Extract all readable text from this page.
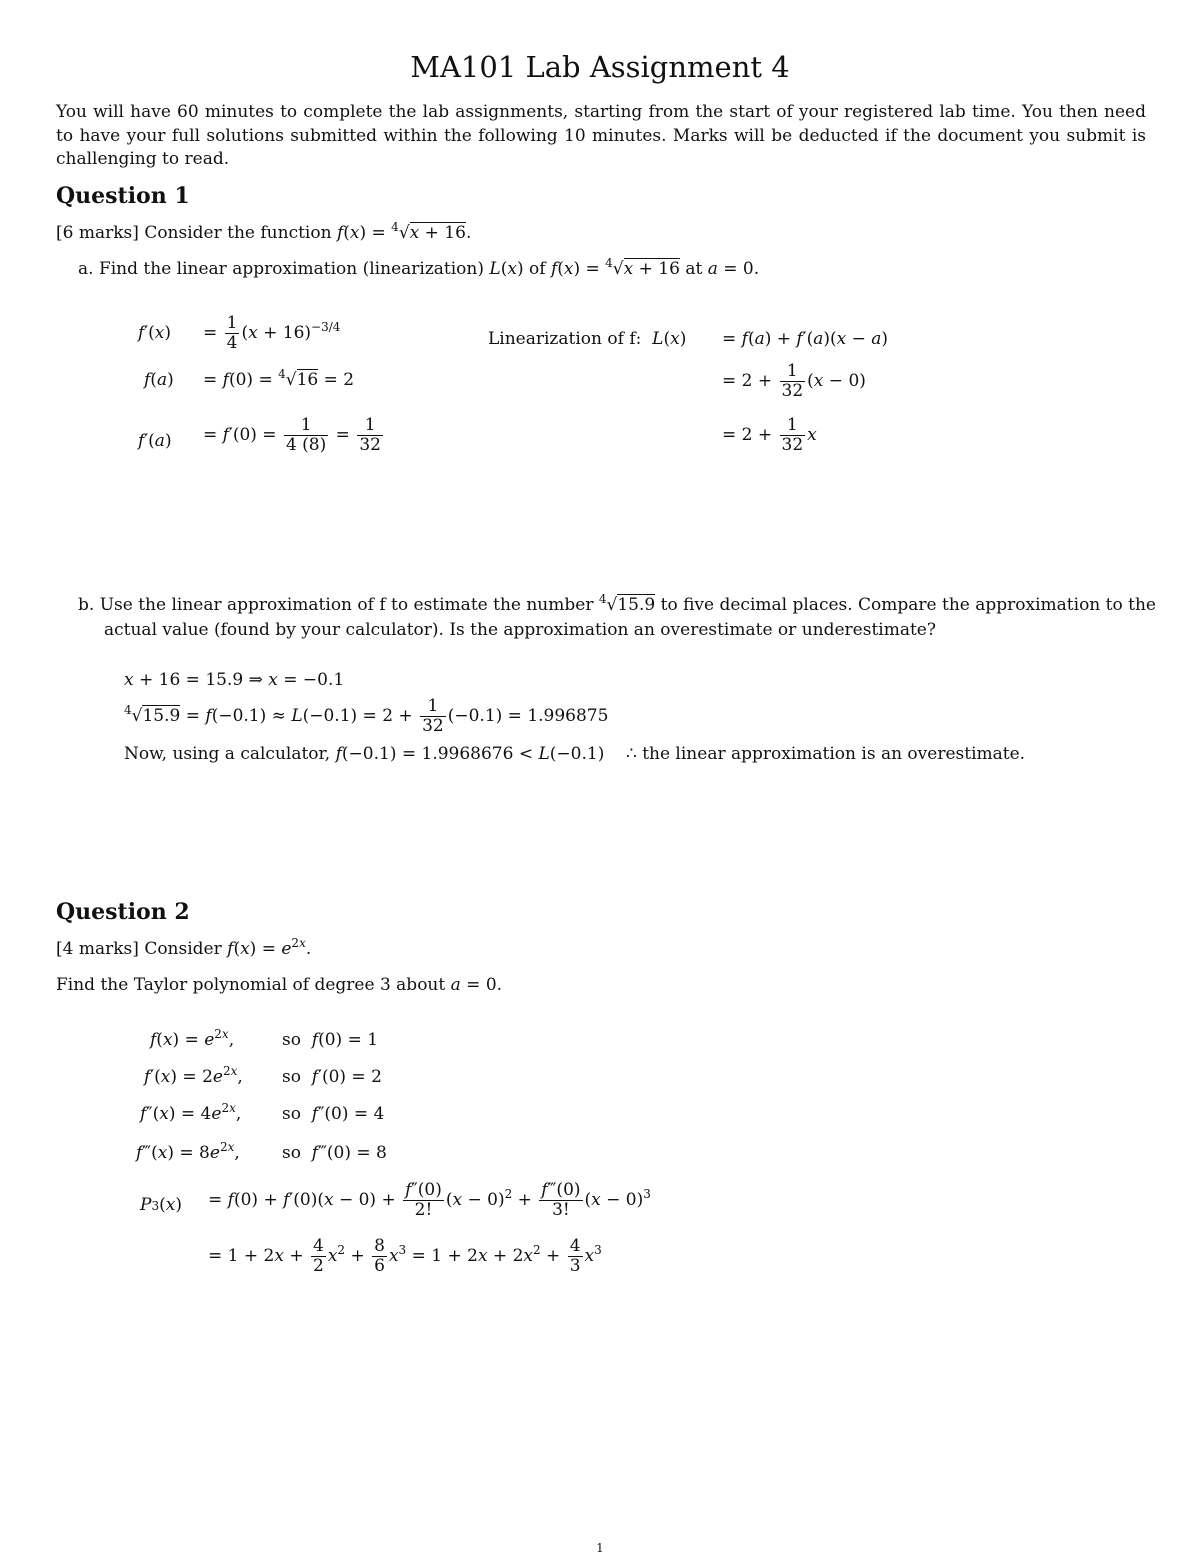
MA101 Lab Assignment 4
You will have 60 minutes to complete the lab assignments, starting from the start of your registered lab time. You then need to have your full solutions submitted within the following 10 minutes. Marks will be deducted if the document you submit is challenging to read.
Question 1
[6 marks] Consider the function f(x) = $^4$√x + 16.
a. Find the linear approximation (linearization) L(x) of f(x) = $^4$√x + 16 at a = 0.
$f'(x) = \frac{1}{4} (x + 16)^{-3/4}$
f(a) = f(0) = $^4$√16 = 2
$f'(a) = f'(0) = \frac{1}{4 (8)} = \frac{1}{32}$
Linearization of f: L(x) = f(a) + f′(a)(x − a)
= $2 + \frac{1}{32} (x - 0)$
= $2 + \frac{1}{32}$ x
b. Use the linear approximation of f to estimate the number $^4$√15.9 to five decimal places. Compare the approximation to the
actual value (found by your calculator). Is the approximation an overestimate or underestimate?
x + 16 = 15.9 ⇒ x = −0.1
$^4√15.9 = f(-0.1) \approx L(-0.1) = 2 + \frac{1}{32} (-0.1) = 1.996875$
Now, using a calculator, f(−0.1) = 1.9968676 < L(−0.1)    ∴ the linear approximation is an overestimate.
Question 2
[4 marks] Consider $f(x) = e^{2x}$.
Find the Taylor polynomial of degree 3 about a = 0.
$f(x) = e^{2x}$,	so f(0) = 1
$f'(x) = 2e^{2x}$, so f′(0) = 2
$f''(x) = 4e^{2x}$, so f″(0) = 4
f‴(x) = $8e^{2x}$, so f‴(0) = 8
$P3(x) = f(0) + f'(0)(x - 0) + \frac{f''(0)}{2!} (x - 0)^2 + \frac{f‴(0)}{3!} (x - 0)^3$
= $1 + 2x + \frac{4}{2} x^2 + \frac{8}{6} x^3 = 1 + 2x + 2x^2 + \frac{4}{3} x^3$
1
